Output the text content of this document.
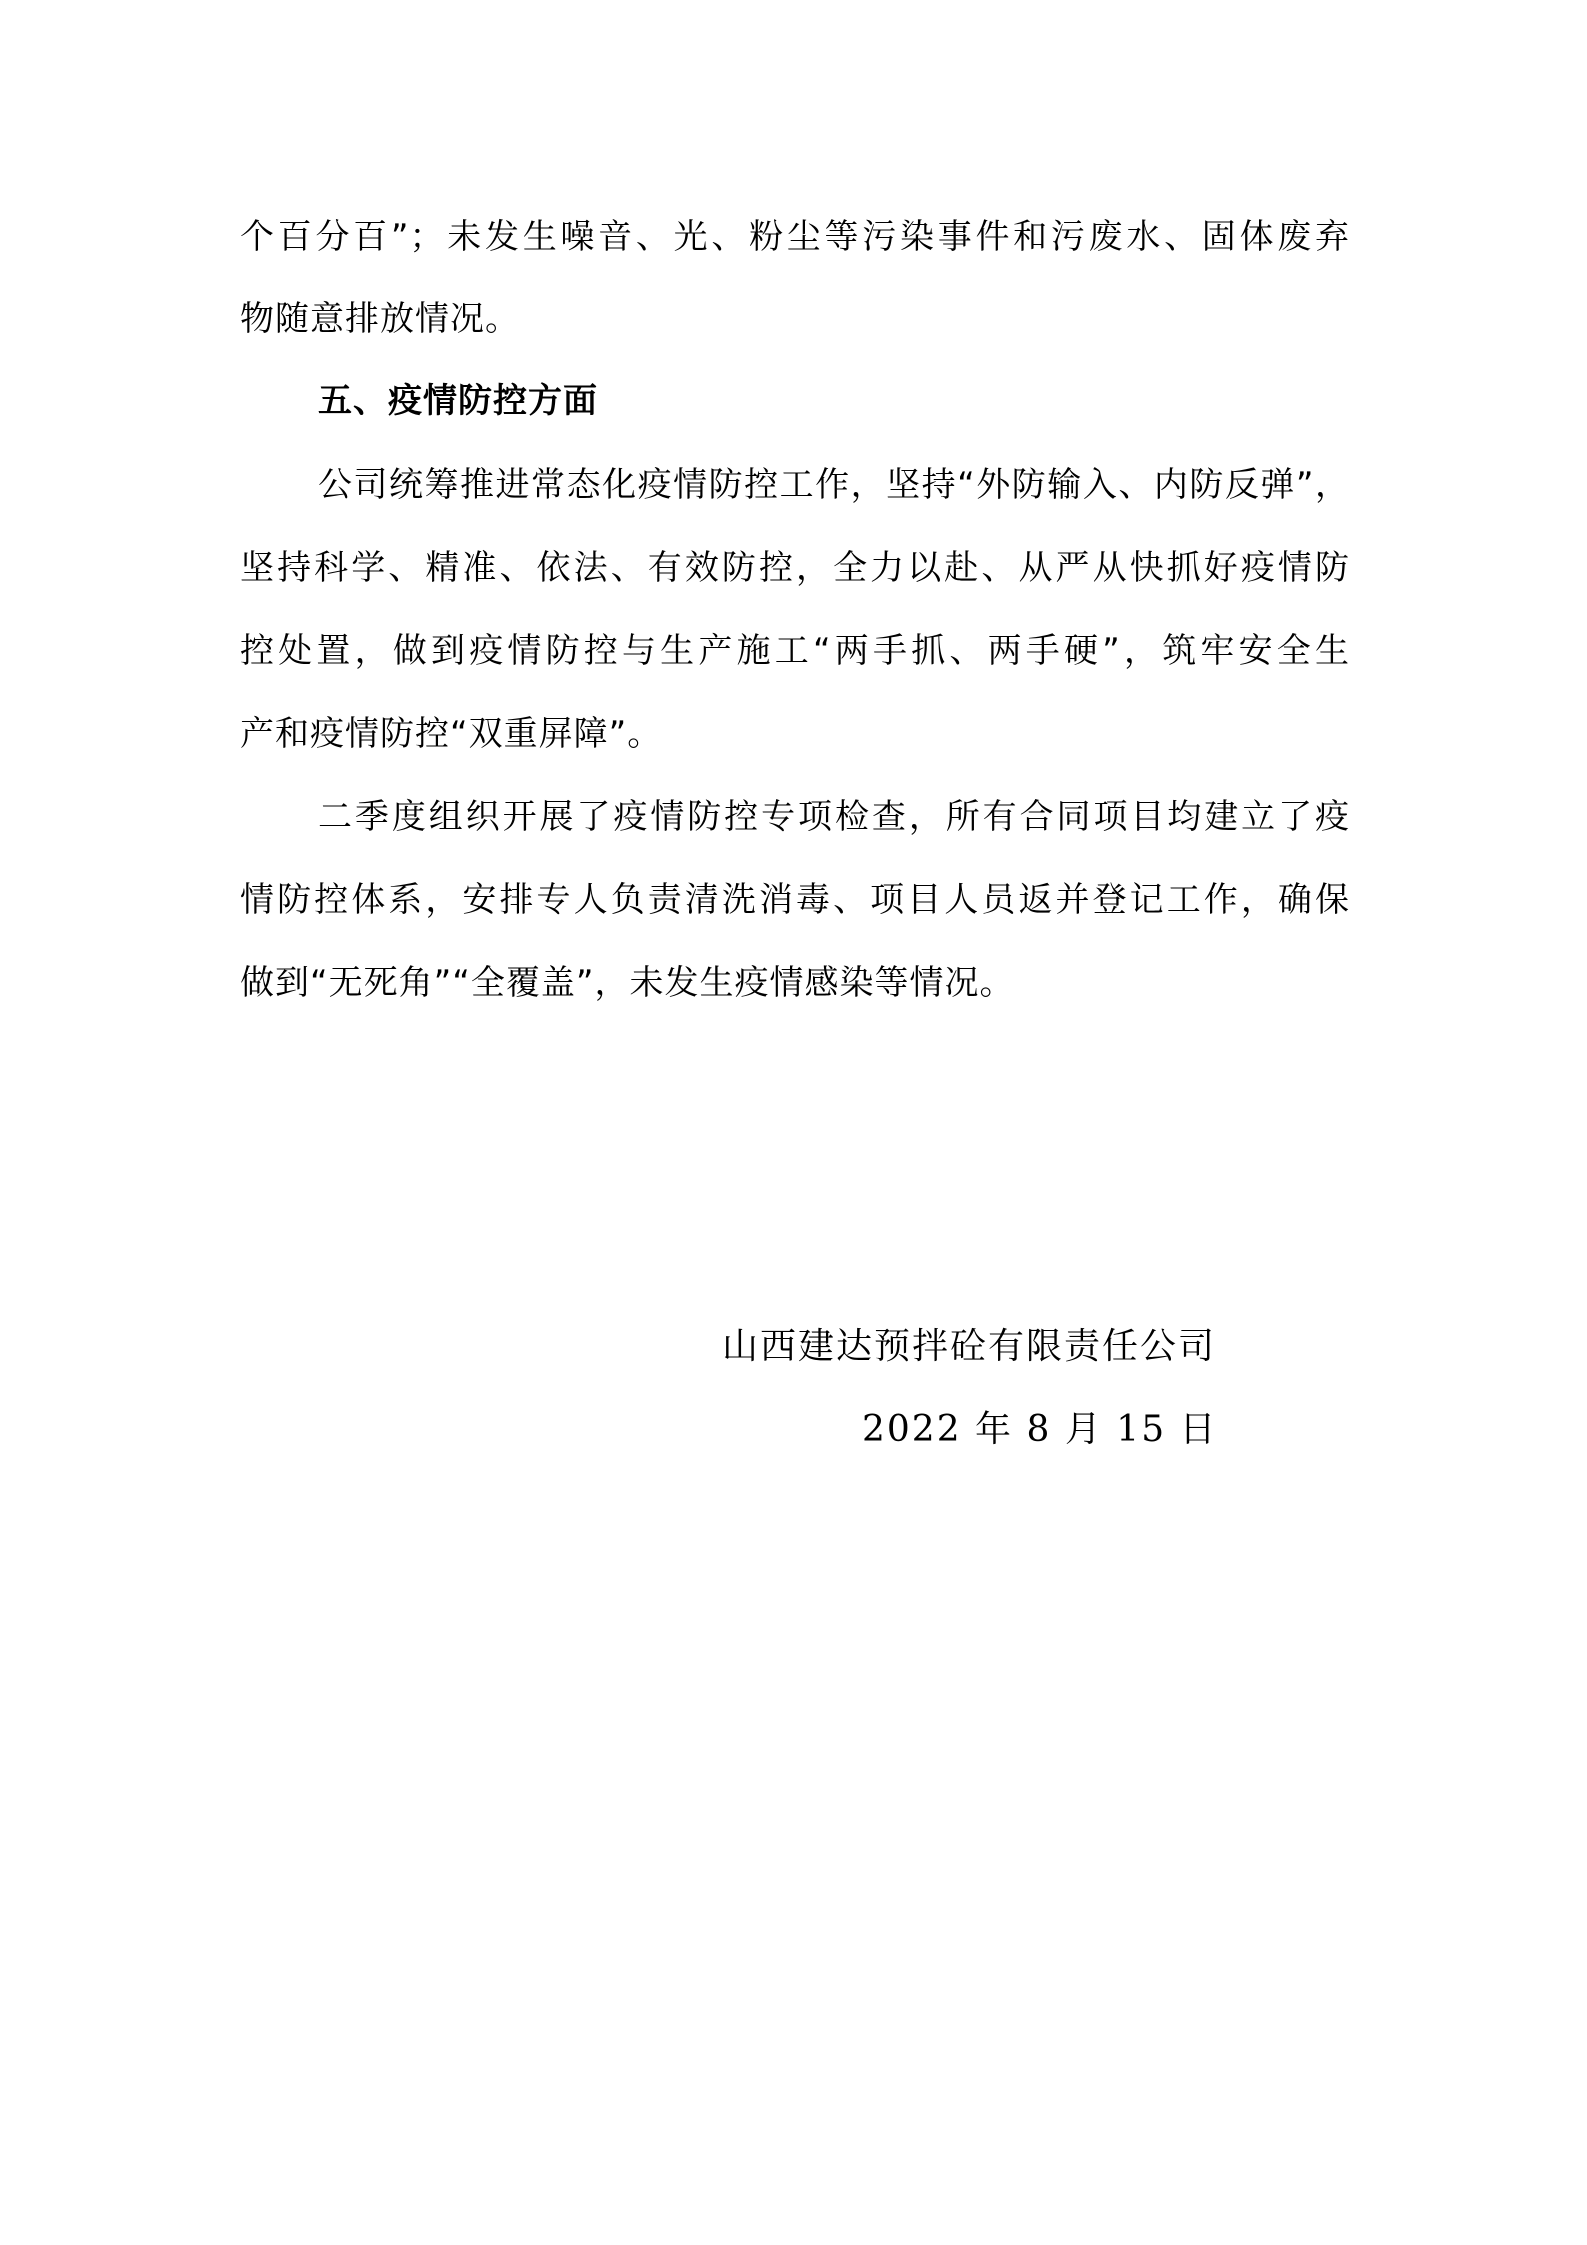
个百分百”；未发生噪音、光、粉尘等污染事件和污废水、固体废弃
物随意排放情况。
五、疫情防控方面
公司统筹推进常态化疫情防控工作，坚持“外防输入、内防反弹”，
坚持科学、精准、依法、有效防控，全力以赴、从严从快抓好疫情防
控处置，做到疫情防控与生产施工“两手抓、两手硬”，筑牢安全生
产和疫情防控“双重屏障”。
二季度组织开展了疫情防控专项检查，所有合同项目均建立了疫
情防控体系，安排专人负责清洗消毒、项目人员返并登记工作，确保
做到“无死角”“全覆盖”，未发生疫情感染等情况。
山西建达预拌砼有限责任公司
2022 年 8 月 15 日
